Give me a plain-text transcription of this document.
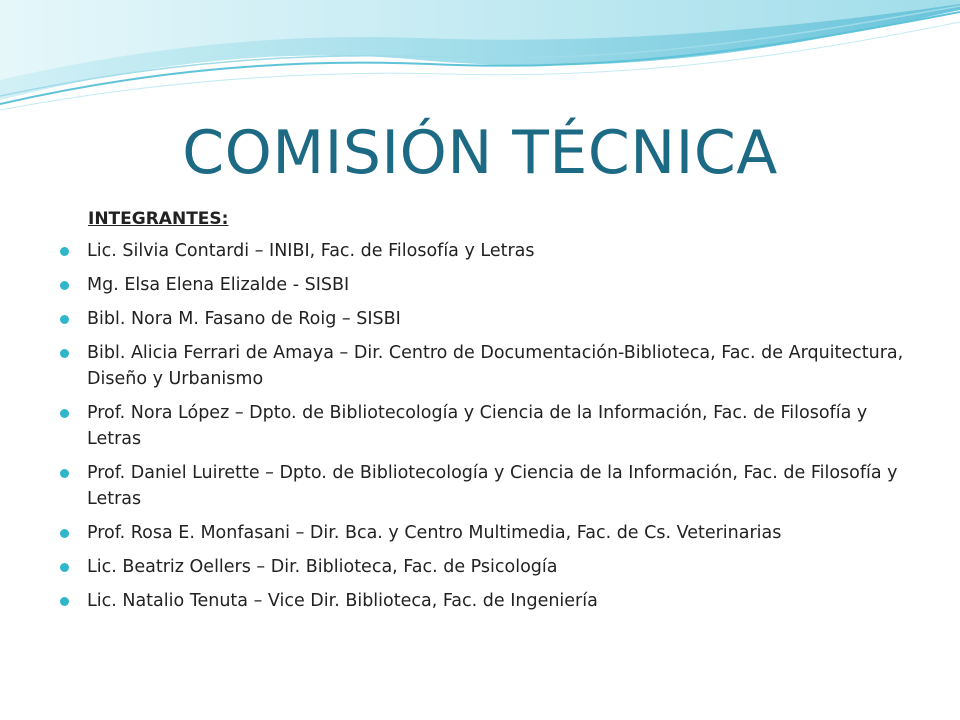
COMISIÓN TÉCNICA
INTEGRANTES:
Lic. Silvia Contardi – INIBI, Fac. de Filosofía y Letras
Mg. Elsa Elena Elizalde - SISBI
Bibl. Nora M. Fasano de Roig – SISBI
Bibl. Alicia Ferrari de Amaya – Dir. Centro de Documentación-Biblioteca, Fac. de Arquitectura, Diseño y Urbanismo
Prof. Nora López – Dpto. de Bibliotecología y Ciencia de la Información, Fac. de Filosofía y Letras
Prof. Daniel Luirette – Dpto. de Bibliotecología y Ciencia de la Información, Fac. de Filosofía y Letras
Prof. Rosa E. Monfasani – Dir. Bca. y Centro Multimedia, Fac. de Cs. Veterinarias
Lic. Beatriz Oellers – Dir. Biblioteca, Fac. de Psicología
Lic. Natalio Tenuta – Vice Dir. Biblioteca, Fac. de Ingeniería
